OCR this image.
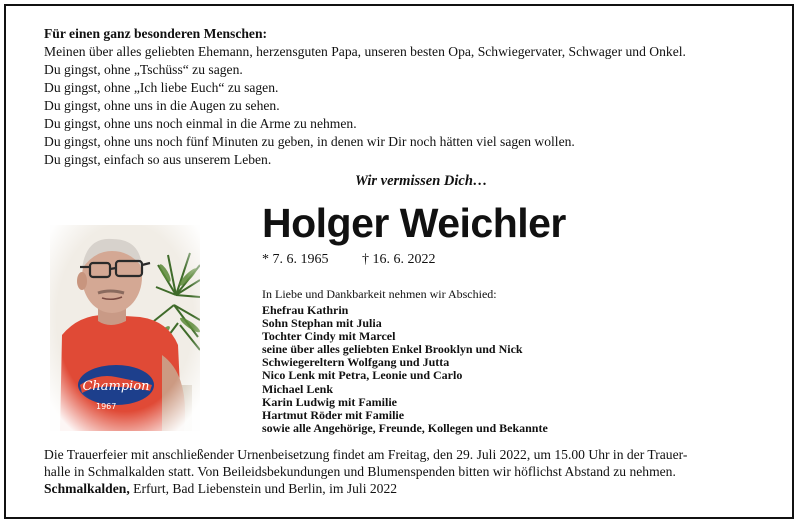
Für einen ganz besonderen Menschen:
Meinen über alles geliebten Ehemann, herzensguten Papa, unseren besten Opa, Schwiegervater, Schwager und Onkel.
Du gingst, ohne „Tschüss“ zu sagen.
Du gingst, ohne „Ich liebe Euch“ zu sagen.
Du gingst, ohne uns in die Augen zu sehen.
Du gingst, ohne uns noch einmal in die Arme zu nehmen.
Du gingst, ohne uns noch fünf Minuten zu geben, in denen wir Dir noch hätten viel sagen wollen.
Du gingst, einfach so aus unserem Leben.
Wir vermissen Dich…
Holger Weichler
* 7. 6. 1965 † 16. 6. 2022
In Liebe und Dankbarkeit nehmen wir Abschied:
Ehefrau Kathrin
Sohn Stephan mit Julia
Tochter Cindy mit Marcel
seine über alles geliebten Enkel Brooklyn und Nick
Schwiegereltern Wolfgang und Jutta
Nico Lenk mit Petra, Leonie und Carlo
Michael Lenk
Karin Ludwig mit Familie
Hartmut Röder mit Familie
sowie alle Angehörige, Freunde, Kollegen und Bekannte
Die Trauerfeier mit anschließender Urnenbeisetzung findet am Freitag, den 29. Juli 2022, um 15.00 Uhr in der Trauer-
halle in Schmalkalden statt. Von Beileidsbekundungen und Blumenspenden bitten wir höflichst Abstand zu nehmen.
Schmalkalden, Erfurt, Bad Liebenstein und Berlin, im Juli 2022
